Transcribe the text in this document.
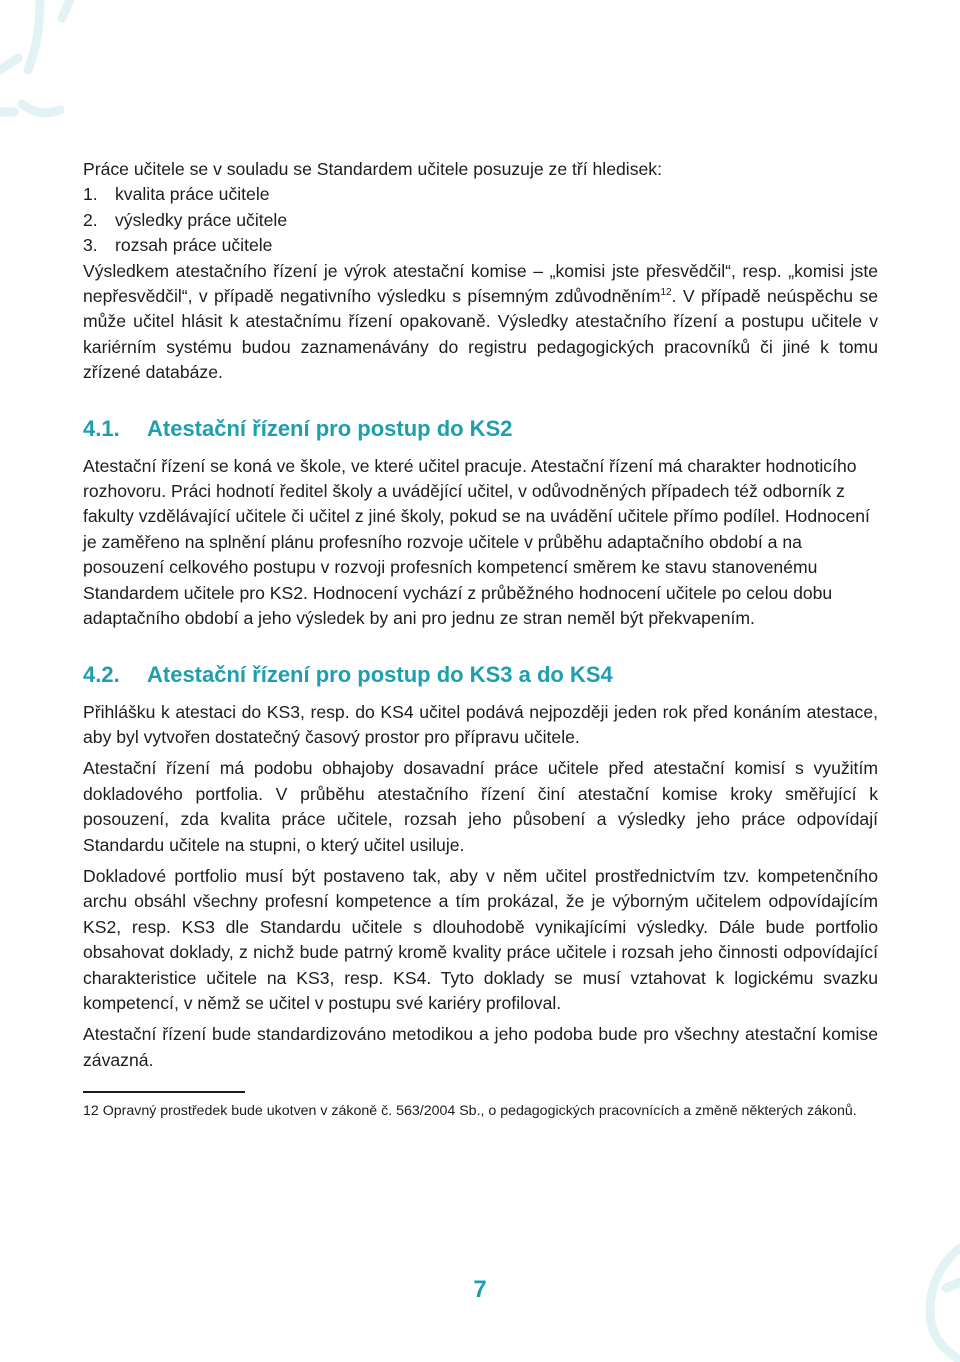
Práce učitele se v souladu se Standardem učitele posuzuje ze tří hledisek:

1. kvalita práce učitele
2. výsledky práce učitele
3. rozsah práce učitele

Výsledkem atestačního řízení je výrok atestační komise – „komisi jste přesvědčil“, resp. „komisi jste nepřesvědčil“, v případě negativního výsledku s písemným zdůvodněním$^{12}$. V případě neúspěchu se může učitel hlásit k atestačnímu řízení opakovaně. Výsledky atestačního řízení a postupu učitele v kariérním systému budou zaznamenávány do registru pedagogických pracovníků či jiné k tomu zřízené databáze.

4.1.	Atestační řízení pro postup do KS2

Atestační řízení se koná ve škole, ve které učitel pracuje. Atestační řízení má charakter hodnoticího rozhovoru. Práci hodnotí ředitel školy a uvádějící učitel, v odůvodněných případech též odborník z fakulty vzdělávající učitele či učitel z jiné školy, pokud se na uvádění učitele přímo podílel. Hodnocení je zaměřeno na splnění plánu profesního rozvoje učitele v průběhu adaptačního období a na posouzení celkového postupu v rozvoji profesních kompetencí směrem ke stavu stanovenému Standardem učitele pro KS2. Hodnocení vychází z průběžného hodnocení učitele po celou dobu adaptačního období a jeho výsledek by ani pro jednu ze stran neměl být překvapením.

4.2.	Atestační řízení pro postup do KS3 a do KS4

Přihlášku k atestaci do KS3, resp. do KS4 učitel podává nejpozději jeden rok před konáním atestace, aby byl vytvořen dostatečný časový prostor pro přípravu učitele.

Atestační řízení má podobu obhajoby dosavadní práce učitele před atestační komisí s využitím dokladového portfolia. V průběhu atestačního řízení činí atestační komise kroky směřující k posouzení, zda kvalita práce učitele, rozsah jeho působení a výsledky jeho práce odpovídají Standardu učitele na stupni, o který učitel usiluje.

Dokladové portfolio musí být postaveno tak, aby v něm učitel prostřednictvím tzv. kompetenčního archu obsáhl všechny profesní kompetence a tím prokázal, že je výborným učitelem odpovídajícím KS2, resp. KS3 dle Standardu učitele s dlouhodobě vynikajícími výsledky. Dále bude portfolio obsahovat doklady, z nichž bude patrný kromě kvality práce učitele i rozsah jeho činnosti odpovídající charakteristice učitele na KS3, resp. KS4. Tyto doklady se musí vztahovat k logickému svazku kompetencí, v němž se učitel v postupu své kariéry profiloval.

Atestační řízení bude standardizováno metodikou a jeho podoba bude pro všechny atestační komise závazná.

12 Opravný prostředek bude ukotven v zákoně č. 563/2004 Sb., o pedagogických pracovnících a změně některých zákonů.

7
